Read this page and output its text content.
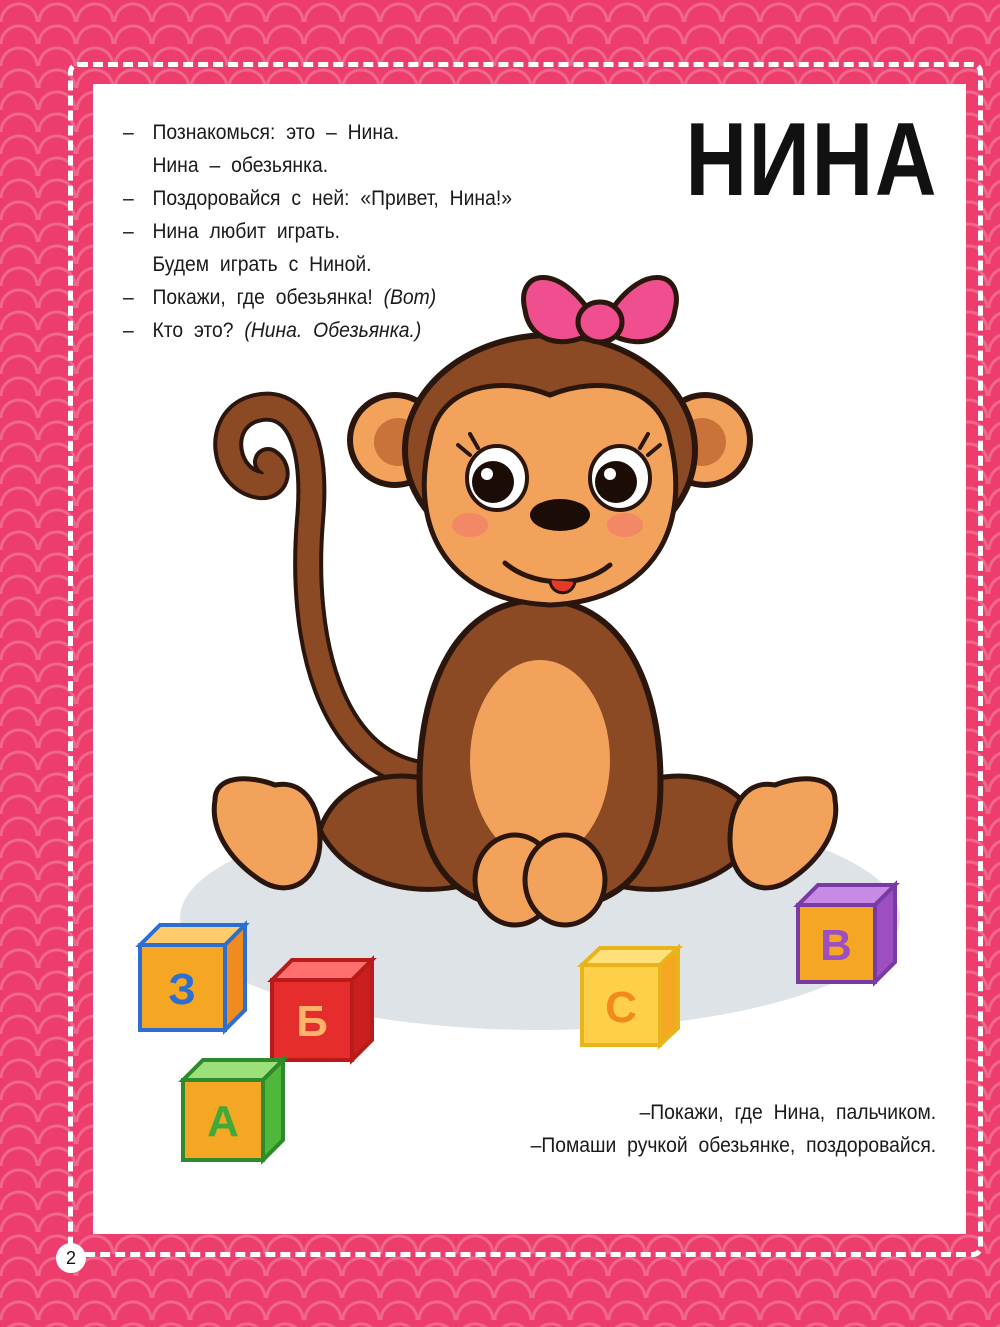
НИНА
– Познакомься: это – Нина.
Нина – обезьянка.
– Поздоровайся с ней: «Привет, Нина!»
– Нина любит играть.
Будем играть с Ниной.
– Покажи, где обезьянка! (Вот)
– Кто это? (Нина. Обезьянка.)
–Покажи, где Нина, пальчиком.
–Помаши ручкой обезьянке, поздоровайся.
З
Б
А
С
В
2
